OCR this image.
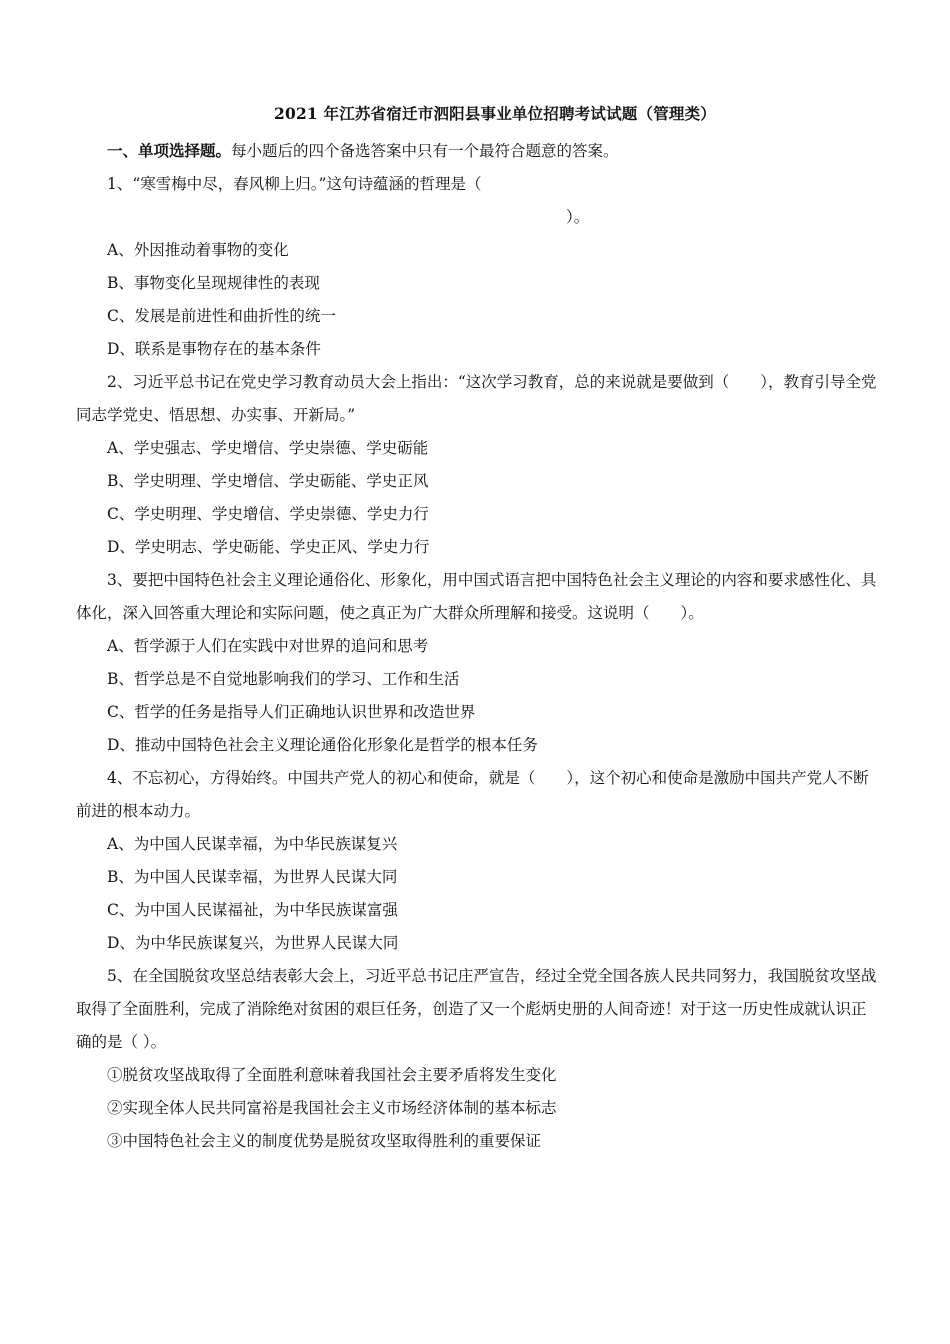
2021 年江苏省宿迁市泗阳县事业单位招聘考试试题（管理类）

一、单项选择题。每小题后的四个备选答案中只有一个最符合题意的答案。

1、“寒雪梅中尽，春风柳上归。”这句诗蕴涵的哲理是（

）。

A、外因推动着事物的变化

B、事物变化呈现规律性的表现

C、发展是前进性和曲折性的统一

D、联系是事物存在的基本条件

2、习近平总书记在党史学习教育动员大会上指出：“这次学习教育，总的来说就是要做到（　　），教育引导全党同志学党史、悟思想、办实事、开新局。”

A、学史强志、学史增信、学史崇德、学史砺能

B、学史明理、学史增信、学史砺能、学史正风

C、学史明理、学史增信、学史崇德、学史力行

D、学史明志、学史砺能、学史正风、学史力行

3、要把中国特色社会主义理论通俗化、形象化，用中国式语言把中国特色社会主义理论的内容和要求感性化、具体化，深入回答重大理论和实际问题，使之真正为广大群众所理解和接受。这说明（　　）。

A、哲学源于人们在实践中对世界的追问和思考

B、哲学总是不自觉地影响我们的学习、工作和生活

C、哲学的任务是指导人们正确地认识世界和改造世界

D、推动中国特色社会主义理论通俗化形象化是哲学的根本任务

4、不忘初心，方得始终。中国共产党人的初心和使命，就是（　　），这个初心和使命是激励中国共产党人不断前进的根本动力。

A、为中国人民谋幸福，为中华民族谋复兴

B、为中国人民谋幸福，为世界人民谋大同

C、为中国人民谋福祉，为中华民族谋富强

D、为中华民族谋复兴，为世界人民谋大同

5、在全国脱贫攻坚总结表彰大会上，习近平总书记庄严宣告，经过全党全国各族人民共同努力，我国脱贫攻坚战取得了全面胜利，完成了消除绝对贫困的艰巨任务，创造了又一个彪炳史册的人间奇迹！对于这一历史性成就认识正确的是（ ）。

①脱贫攻坚战取得了全面胜利意味着我国社会主要矛盾将发生变化

②实现全体人民共同富裕是我国社会主义市场经济体制的基本标志

③中国特色社会主义的制度优势是脱贫攻坚取得胜利的重要保证
